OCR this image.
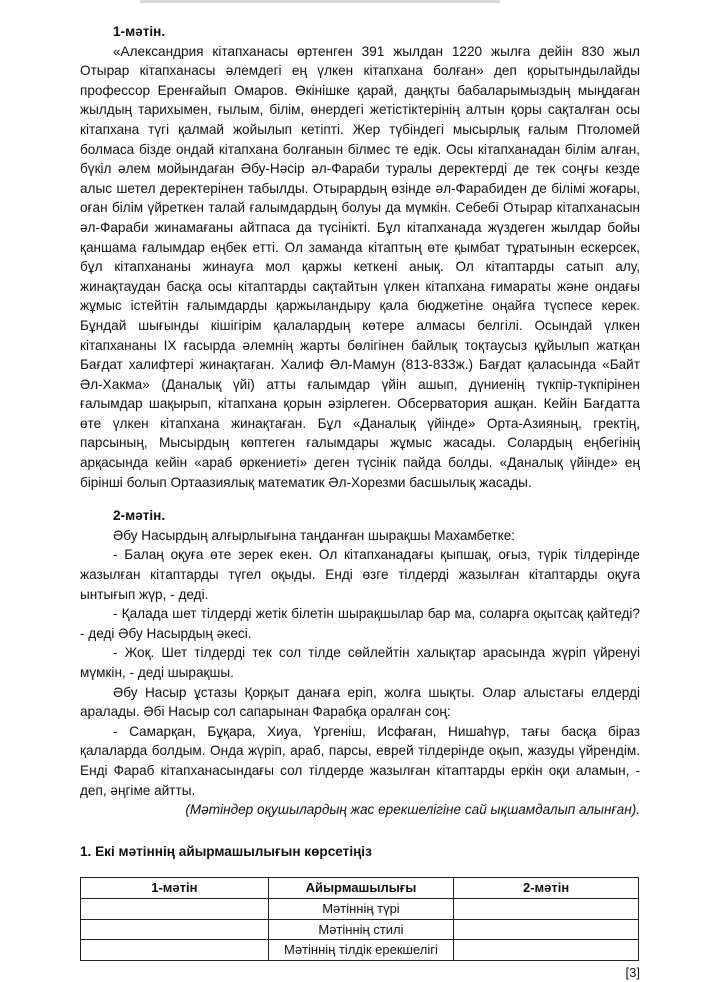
1-мәтін.

«Александрия кітапханасы өртенген 391 жылдан 1220 жылға дейін 830 жыл Отырар кітапханасы әлемдегі ең үлкен кітапхана болған» деп қорытындылайды профессор Еренғайып Омаров. Өкінішке қарай, даңқты бабаларымыздың мыңдаған жылдың тарихымен, ғылым, білім, өнердегі жетістіктерінің алтын қоры сақталған осы кітапхана түгі қалмай жойылып кетіпті. Жер түбіндегі мысырлық ғалым Птоломей болмаса бізде ондай кітапхана болғанын білмес те едік. Осы кітапханадан білім алған, бүкіл әлем мойындаған Әбу-Нәсір әл-Фараби туралы деректерді де тек соңғы кезде алыс шетел деректерінен табылды. Отырардың өзінде әл-Фарабиден де білімі жоғары, оған білім үйреткен талай ғалымдардың болуы да мүмкін. Себебі Отырар кітапханасын әл-Фараби жинамағаны айтпаса да түсінікті. Бұл кітапханада жүздеген жылдар бойы қаншама ғалымдар еңбек етті. Ол заманда кітаптың өте қымбат тұратынын ескерсек, бұл кітапхананы жинауға мол қаржы кеткені анық. Ол кітаптарды сатып алу, жинақтаудан басқа осы кітаптарды сақтайтын үлкен кітапхана ғимараты және ондағы жұмыс істейтін ғалымдарды қаржыландыру қала бюджетіне оңайға түспесе керек. Бұндай шығынды кішігірім қалалардың көтере алмасы белгілі. Осындай үлкен кітапхананы IX ғасырда әлемнің жарты бөлігінен байлық тоқтаусыз құйылып жатқан Бағдат халифтері жинақтаған. Халиф Әл-Мамун (813-833ж.) Бағдат қаласында «Байт Әл-Хакма» (Даналық үйі) атты ғалымдар үйін ашып, дүниенің түкпір-түкпірінен ғалымдар шақырып, кітапхана қорын әзірлеген. Обсерватория ашқан. Кейін Бағдатта өте үлкен кітапхана жинақтаған. Бұл «Даналық үйінде» Орта-Азияның, гректің, парсының, Мысырдың көптеген ғалымдары жұмыс жасады. Солардың еңбегінің арқасында кейін «араб өркениеті» деген түсінік пайда болды. «Даналық үйінде» ең бірінші болып Ортаазиялық математик Әл-Хорезми басшылық жасады.

2-мәтін.

Әбу Насырдың алғырлығына таңданған шырақшы Махамбетке:

- Балаң оқуға өте зерек екен. Ол кітапханадағы қыпшақ, оғыз, түрік тілдерінде жазылған кітаптарды түгел оқыды. Енді өзге тілдерді жазылған кітаптарды оқуға ынтығып жүр, - деді.

- Қалада шет тілдерді жетік білетін шырақшылар бар ма, соларға оқытсақ қайтеді? - деді Әбу Насырдың әкесі.

- Жоқ. Шет тілдерді тек сол тілде сөйлейтін халықтар арасында жүріп үйренуі мүмкін, - деді шырақшы.

Әбу Насыр ұстазы Қорқыт данаға еріп, жолға шықты. Олар алыстағы елдерді аралады. Әбі Насыр сол сапарынан Фарабқа оралған соң:

- Самарқан, Бұқара, Хиуа, Үргеніш, Исфаған, Нишаһүр, тағы басқа біраз қалаларда болдым. Онда жүріп, араб, парсы, еврей тілдерінде оқып, жазуды үйрендім. Енді Фараб кітапханасындағы сол тілдерде жазылған кітаптарды еркін оқи аламын, - деп, әңгіме айтты.

(Мәтіндер оқушылардың жас ерекшелігіне сай ықшамдалып алынған).

1. Екі мәтіннің айырмашылығын көрсетіңіз

1-мәтін	Айырмашылығы	2-мәтін
	Мәтіннің түрі	
	Мәтіннің стилі	
	Мәтіннің тілдік ерекшелігі	

[3]
